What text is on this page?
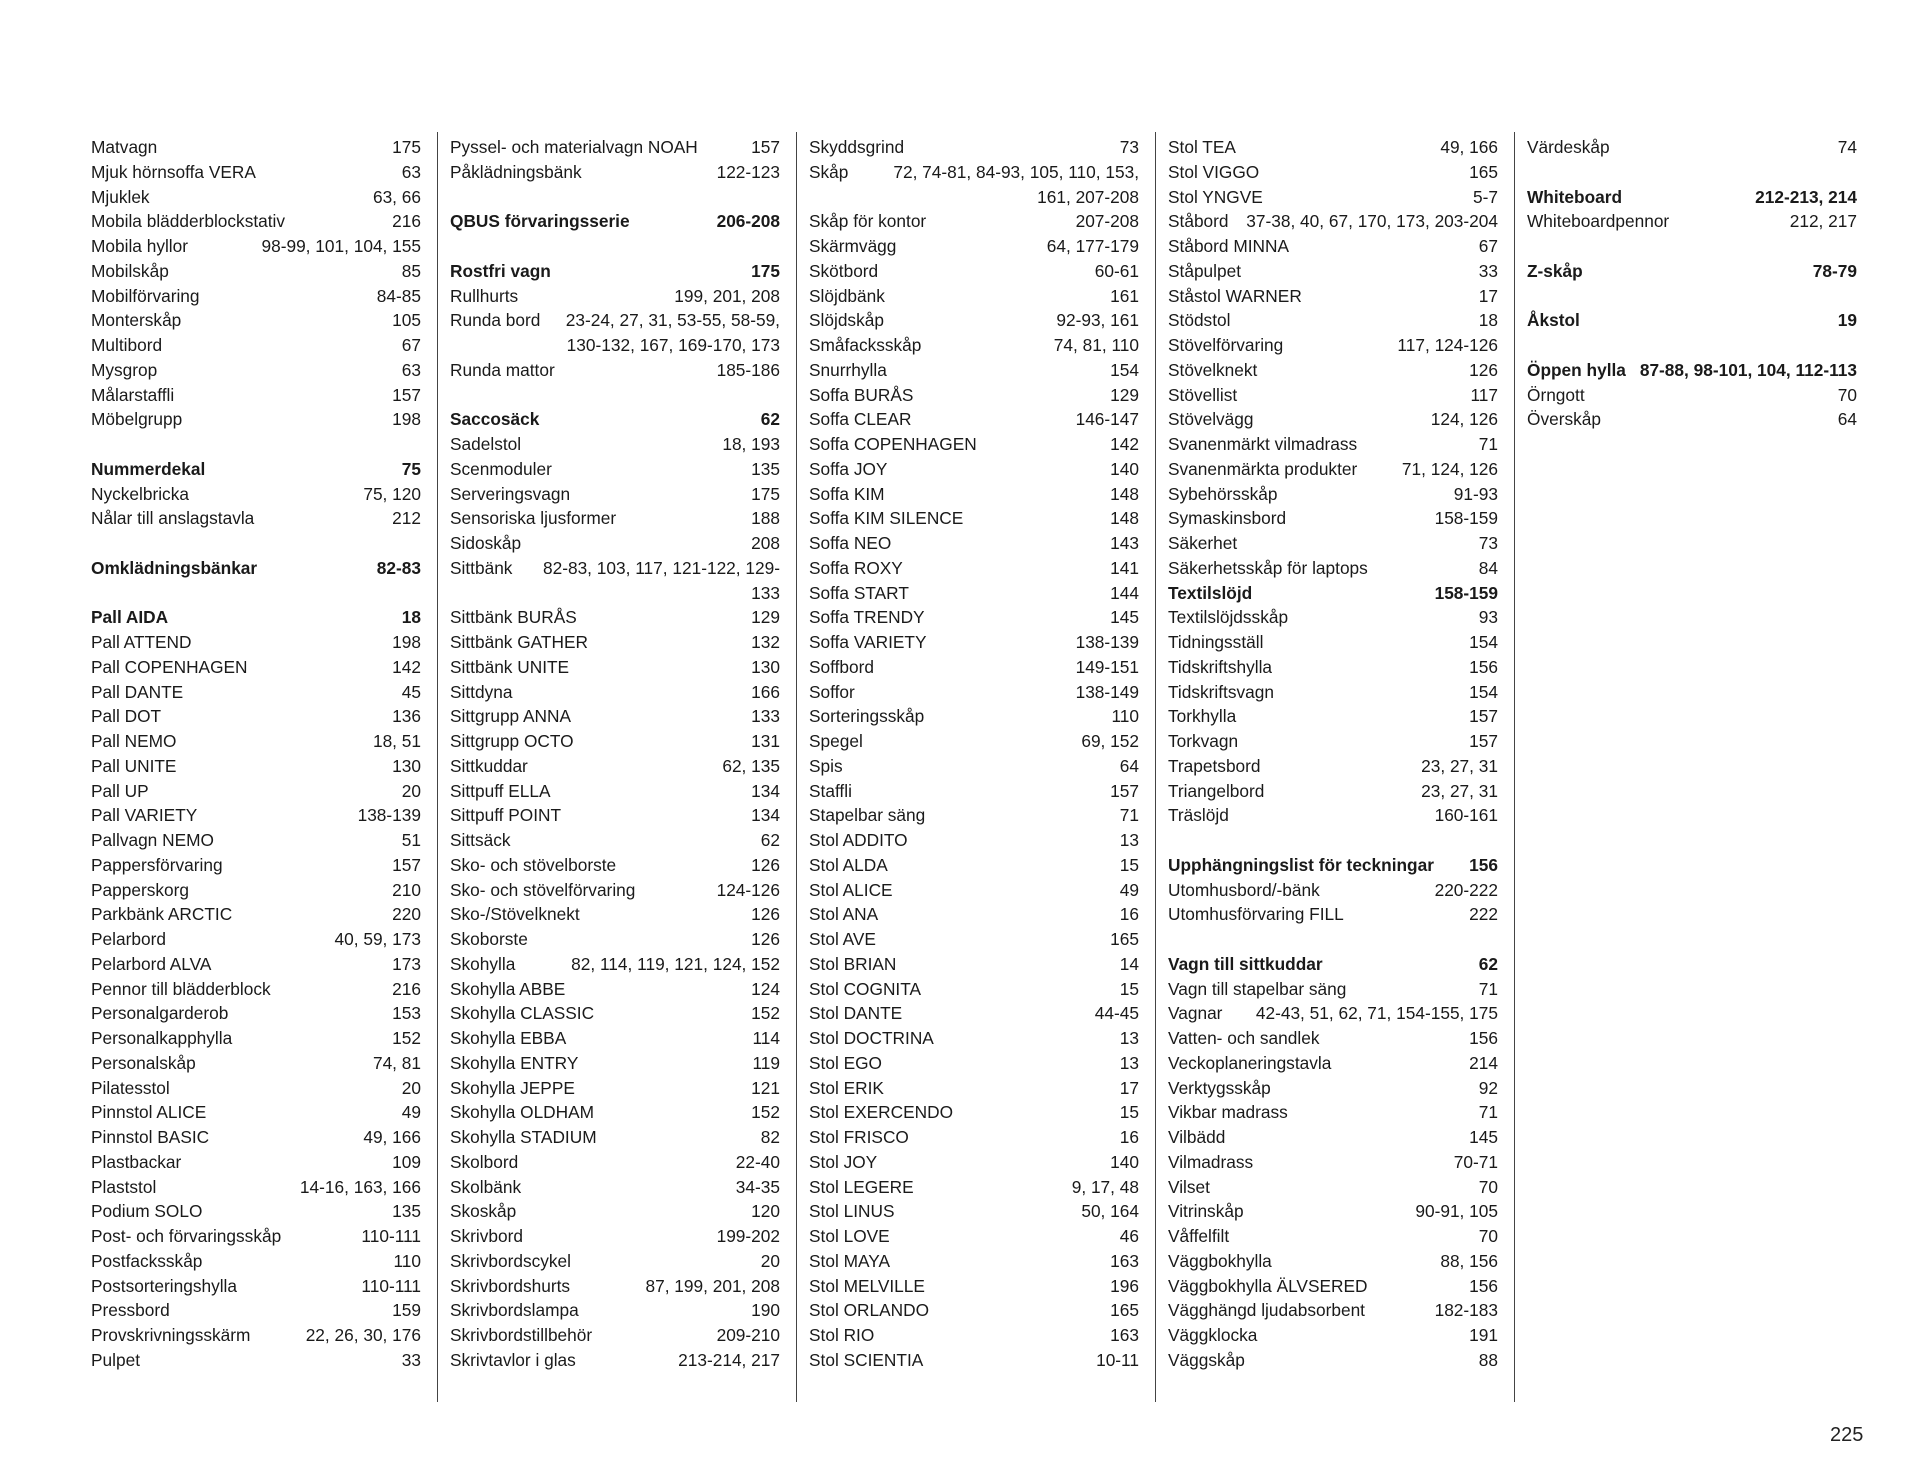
Matvagn	175
Mjuk hörnsoffa VERA	63
Mjuklek	63, 66
Mobila blädderblockstativ	216
Mobila hyllor	98-99, 101, 104, 155
Mobilskåp	85
Mobilförvaring	84-85
Monterskåp	105
Multibord	67
Mysgrop	63
Målarstaffli	157
Möbelgrupp	198
Nummerdekal	75
Nyckelbricka	75, 120
Nålar till anslagstavla	212
Omklädningsbänkar	82-83
Pall AIDA	18
Pall ATTEND	198
Pall COPENHAGEN	142
Pall DANTE	45
Pall DOT	136
Pall NEMO	18, 51
Pall UNITE	130
Pall UP	20
Pall VARIETY	138-139
Pallvagn NEMO	51
Pappersförvaring	157
Papperskorg	210
Parkbänk ARCTIC	220
Pelarbord	40, 59, 173
Pelarbord ALVA	173
Pennor till blädderblock	216
Personalgarderob	153
Personalkapphylla	152
Personalskåp	74, 81
Pilatesstol	20
Pinnstol ALICE	49
Pinnstol BASIC	49, 166
Plastbackar	109
Plaststol	14-16, 163, 166
Podium SOLO	135
Post- och förvaringsskåp	110-111
Postfacksskåp	110
Postsorteringshylla	110-111
Pressbord	159
Provskrivningsskärm	22, 26, 30, 176
Pulpet	33
Pyssel- och materialvagn NOAH	157
Påklädningsbänk	122-123
QBUS förvaringsserie	206-208
Rostfri vagn	175
Rullhurts	199, 201, 208
Runda bord	23-24, 27, 31, 53-55, 58-59, 130-132, 167, 169-170, 173
Runda mattor	185-186
Saccosäck	62
Sadelstol	18, 193
Scenmoduler	135
Serveringsvagn	175
Sensoriska ljusformer	188
Sidoskåp	208
Sittbänk	82-83, 103, 117, 121-122, 129-133
Sittbänk BURÅS	129
Sittbänk GATHER	132
Sittbänk UNITE	130
Sittdyna	166
Sittgrupp ANNA	133
Sittgrupp OCTO	131
Sittkuddar	62, 135
Sittpuff ELLA	134
Sittpuff POINT	134
Sittsäck	62
Sko- och stövelborste	126
Sko- och stövelförvaring	124-126
Sko-/Stövelknekt	126
Skoborste	126
Skohylla	82, 114, 119, 121, 124, 152
Skohylla ABBE	124
Skohylla CLASSIC	152
Skohylla EBBA	114
Skohylla ENTRY	119
Skohylla JEPPE	121
Skohylla OLDHAM	152
Skohylla STADIUM	82
Skolbord	22-40
Skolbänk	34-35
Skoskåp	120
Skrivbord	199-202
Skrivbordscykel	20
Skrivbordshurts	87, 199, 201, 208
Skrivbordslampa	190
Skrivbordstillbehör	209-210
Skrivtavlor i glas	213-214, 217
Skyddsgrind	73
Skåp	72, 74-81, 84-93, 105, 110, 153, 161, 207-208
Skåp för kontor	207-208
Skärmvägg	64, 177-179
Skötbord	60-61
Slöjdbänk	161
Slöjdskåp	92-93, 161
Småfacksskåp	74, 81, 110
Snurrhylla	154
Soffa BURÅS	129
Soffa CLEAR	146-147
Soffa COPENHAGEN	142
Soffa JOY	140
Soffa KIM	148
Soffa KIM SILENCE	148
Soffa NEO	143
Soffa ROXY	141
Soffa START	144
Soffa TRENDY	145
Soffa VARIETY	138-139
Soffbord	149-151
Soffor	138-149
Sorteringsskåp	110
Spegel	69, 152
Spis	64
Staffli	157
Stapelbar säng	71
Stol ADDITO	13
Stol ALDA	15
Stol ALICE	49
Stol ANA	16
Stol AVE	165
Stol BRIAN	14
Stol COGNITA	15
Stol DANTE	44-45
Stol DOCTRINA	13
Stol EGO	13
Stol ERIK	17
Stol EXERCENDO	15
Stol FRISCO	16
Stol JOY	140
Stol LEGERE	9, 17, 48
Stol LINUS	50, 164
Stol LOVE	46
Stol MAYA	163
Stol MELVILLE	196
Stol ORLANDO	165
Stol RIO	163
Stol SCIENTIA	10-11
Stol TEA	49, 166
Stol VIGGO	165
Stol YNGVE	5-7
Ståbord 37-38, 40, 67, 170, 173, 203-204
Ståbord MINNA	67
Ståpulpet	33
Ståstol WARNER	17
Stödstol	18
Stövelförvaring	117, 124-126
Stövelknekt	126
Stövellist	117
Stövelvägg	124, 126
Svanenmärkt vilmadrass	71
Svanenmärkta produkter	71, 124, 126
Sybehörsskåp	91-93
Symaskinsbord	158-159
Säkerhet	73
Säkerhetsskåp för laptops	84
Textilslöjd	158-159
Textilslöjdsskåp	93
Tidningsställ	154
Tidskriftshylla	156
Tidskriftsvagn	154
Torkhylla	157
Torkvagn	157
Trapetsbord	23, 27, 31
Triangelbord	23, 27, 31
Träslöjd	160-161
Upphängningslist för teckningar 156
Utomhusbord/-bänk	220-222
Utomhusförvaring FILL	222
Vagn till sittkuddar	62
Vagn till stapelbar säng	71
Vagnar 42-43, 51, 62, 71, 154-155, 175
Vatten- och sandlek	156
Veckoplaneringstavla	214
Verktygsskåp	92
Vikbar madrass	71
Vilbädd	145
Vilmadrass	70-71
Vilset	70
Vitrinskåp	90-91, 105
Våffelfilt	70
Väggbokhylla	88, 156
Väggbokhylla ÄLVSERED	156
Vägghängd ljudabsorbent	182-183
Väggklocka	191
Väggskåp	88
Värdeskåp	74
Whiteboard	212-213, 214
Whiteboardpennor	212, 217
Z-skåp	78-79
Åkstol	19
Öppen hylla 87-88, 98-101, 104, 112-113
Örngott	70
Överskåp	64
225
